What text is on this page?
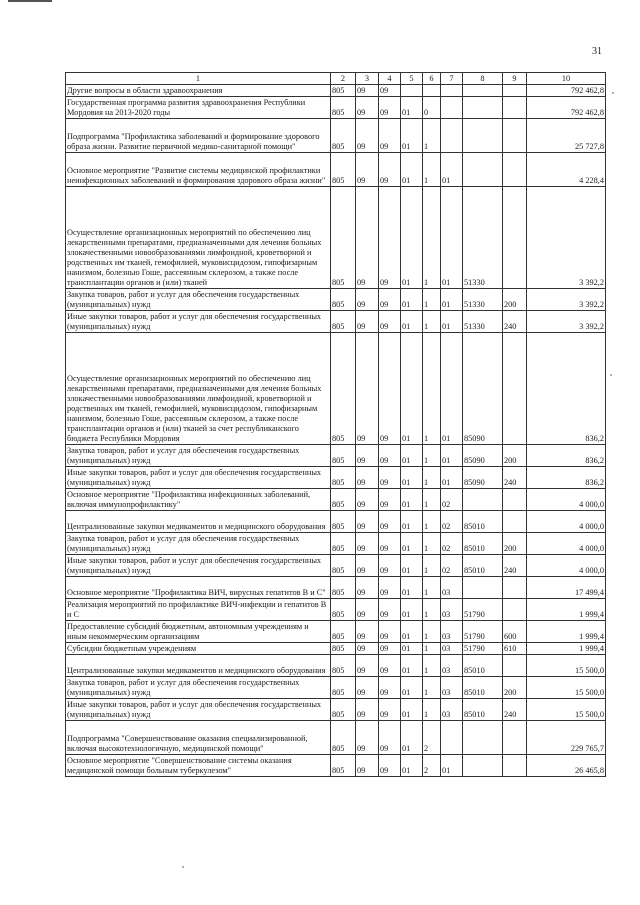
31
1	2	3	4	5	6	7	8	9	10
Другие вопросы в области здравоохранения	805	09	09						792 462,8
Государственная программа развития здравоохранения Республики Мордовия на 2013-2020 годы	805	09	09	01	0				792 462,8
Подпрограмма "Профилактика заболеваний и формирование здорового образа жизни. Развитие первичной медико-санитарной помощи"	805	09	09	01	1				25 727,8
Основное мероприятие "Развитие системы медицинской профилактики неинфекционных заболеваний и формирования здорового образа жизни"	805	09	09	01	1	01			4 228,4
Осуществление организационных мероприятий по обеспечению лиц лекарственными препаратами, предназначенными для лечения больных злокачественными новообразованиями лимфоидной, кроветворной и родственных им тканей, гемофилией, муковисцидозом, гипофизарным нанизмом, болезнью Гоше, рассеянным склерозом, а также после трансплантации органов и (или) тканей	805	09	09	01	1	01	51330		3 392,2
Закупка товаров, работ и услуг для обеспечения государственных (муниципальных) нужд	805	09	09	01	1	01	51330	200	3 392,2
Иные закупки товаров, работ и услуг для обеспечения государственных (муниципальных) нужд	805	09	09	01	1	01	51330	240	3 392,2
Осуществление организационных мероприятий по обеспечению лиц лекарственными препаратами, предназначенными для лечения больных злокачественными новообразованиями лимфоидной, кроветворной и родственных им тканей, гемофилией, муковисцидозом, гипофизарным нанизмом, болезнью Гоше, рассеянным склерозом, а также после трансплантации органов и (или) тканей за счет республиканского бюджета Республики Мордовия	805	09	09	01	1	01	85090		836,2
Закупка товаров, работ и услуг для обеспечения государственных (муниципальных) нужд	805	09	09	01	1	01	85090	200	836,2
Иные закупки товаров, работ и услуг для обеспечения государственных (муниципальных) нужд	805	09	09	01	1	01	85090	240	836,2
Основное мероприятие "Профилактика инфекционных заболеваний, включая иммунопрофилактику"	805	09	09	01	1	02			4 000,0
Централизованные закупки медикаментов и медицинского оборудования	805	09	09	01	1	02	85010		4 000,0
Закупка товаров, работ и услуг для обеспечения государственных (муниципальных) нужд	805	09	09	01	1	02	85010	200	4 000,0
Иные закупки товаров, работ и услуг для обеспечения государственных (муниципальных) нужд	805	09	09	01	1	02	85010	240	4 000,0
Основное мероприятие "Профилактика ВИЧ, вирусных гепатитов В и С"	805	09	09	01	1	03			17 499,4
Реализация мероприятий по профилактике ВИЧ-инфекции и гепатитов В и С	805	09	09	01	1	03	51790		1 999,4
Предоставление субсидий бюджетным, автономным учреждениям и иным некоммерческим организациям	805	09	09	01	1	03	51790	600	1 999,4
Субсидии бюджетным учреждениям	805	09	09	01	1	03	51790	610	1 999,4
Централизованные закупки медикаментов и медицинского оборудования	805	09	09	01	1	03	85010		15 500,0
Закупка товаров, работ и услуг для обеспечения государственных (муниципальных) нужд	805	09	09	01	1	03	85010	200	15 500,0
Иные закупки товаров, работ и услуг для обеспечения государственных (муниципальных) нужд	805	09	09	01	1	03	85010	240	15 500,0
Подпрограмма "Совершенствование оказания специализированной, включая высокотехнологичную, медицинской помощи"	805	09	09	01	2				229 765,7
Основное мероприятие "Совершенствование системы оказания медицинской помощи больным туберкулезом"	805	09	09	01	2	01			26 465,8
